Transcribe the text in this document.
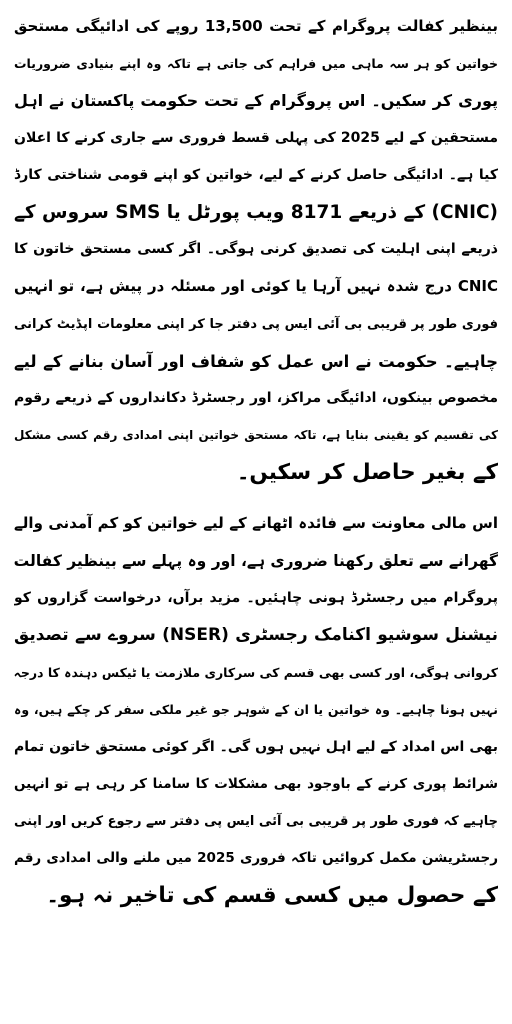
بینظیر کفالت پروگرام کے تحت 13,500 روپے کی ادائیگی مستحق
خواتین کو ہر سہ ماہی میں فراہم کی جاتی ہے تاکہ وہ اپنے بنیادی ضروریات
پوری کر سکیں۔ اس پروگرام کے تحت حکومت پاکستان نے اہل
مستحقین کے لیے 2025 کی پہلی قسط فروری سے جاری کرنے کا اعلان
کیا ہے۔ ادائیگی حاصل کرنے کے لیے، خواتین کو اپنے قومی شناختی کارڈ
(CNIC) کے ذریعے 8171 ویب پورٹل یا SMS سروس کے
ذریعے اپنی اہلیت کی تصدیق کرنی ہوگی۔ اگر کسی مستحق خاتون کا
CNIC درج شدہ نہیں آرہا یا کوئی اور مسئلہ در پیش ہے، تو انہیں
فوری طور پر قریبی بی آئی ایس پی دفتر جا کر اپنی معلومات اپڈیٹ کرانی
چاہیے۔ حکومت نے اس عمل کو شفاف اور آسان بنانے کے لیے
مخصوص بینکوں، ادائیگی مراکز، اور رجسٹرڈ دکانداروں کے ذریعے رقوم
کی تقسیم کو یقینی بنایا ہے، تاکہ مستحق خواتین اپنی امدادی رقم کسی مشکل
کے بغیر حاصل کر سکیں۔
اس مالی معاونت سے فائدہ اٹھانے کے لیے خواتین کو کم آمدنی والے
گھرانے سے تعلق رکھنا ضروری ہے، اور وہ پہلے سے بینظیر کفالت
پروگرام میں رجسٹرڈ ہونی چاہئیں۔ مزید برآں، درخواست گزاروں کو
نیشنل سوشیو اکنامک رجسٹری (NSER) سروے سے تصدیق
کروانی ہوگی، اور کسی بھی قسم کی سرکاری ملازمت یا ٹیکس دہندہ کا درجہ
نہیں ہونا چاہیے۔ وہ خواتین یا ان کے شوہر جو غیر ملکی سفر کر چکے ہیں، وہ
بھی اس امداد کے لیے اہل نہیں ہوں گی۔ اگر کوئی مستحق خاتون تمام
شرائط پوری کرنے کے باوجود بھی مشکلات کا سامنا کر رہی ہے تو انہیں
چاہیے کہ فوری طور پر قریبی بی آئی ایس پی دفتر سے رجوع کریں اور اپنی
رجسٹریشن مکمل کروائیں تاکہ فروری 2025 میں ملنے والی امدادی رقم
کے حصول میں کسی قسم کی تاخیر نہ ہو۔
